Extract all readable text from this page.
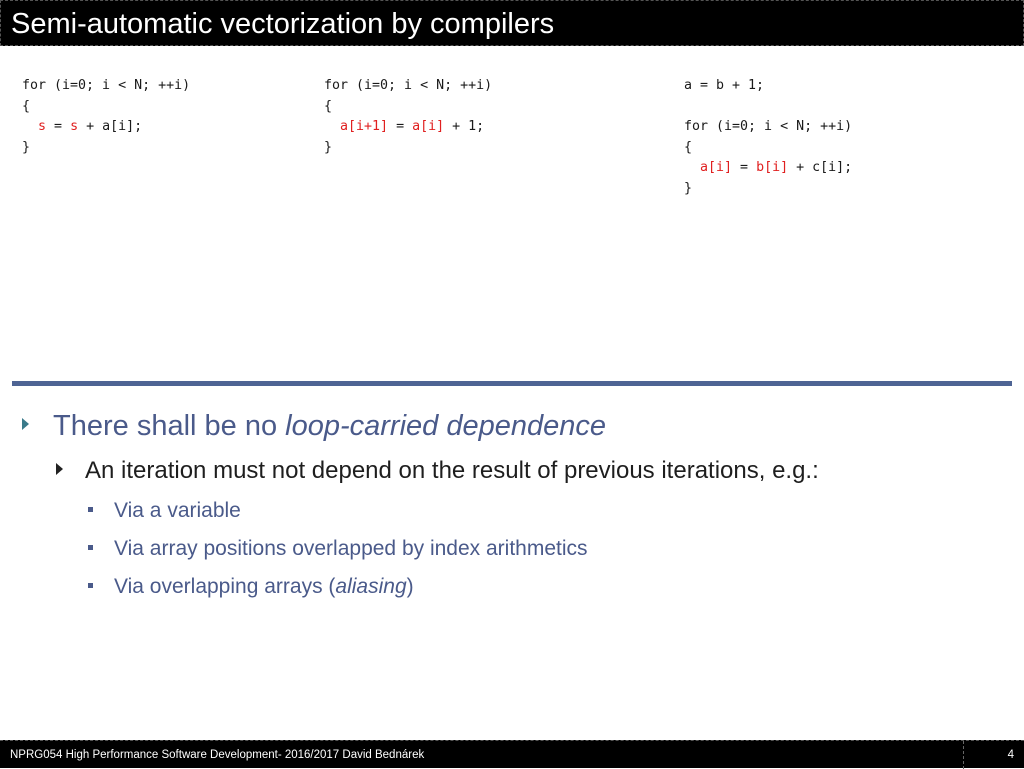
Semi-automatic vectorization by compilers
for (i=0; i < N; ++i)
{
s = s + a[i];
}
for (i=0; i < N; ++i)
{
a[i+1] = a[i] + 1;
}
a = b + 1;
for (i=0; i < N; ++i)
{
a[i] = b[i] + c[i];
}
There shall be no loop-carried dependence
An iteration must not depend on the result of previous iterations, e.g.:
Via a variable
Via array positions overlapped by index arithmetics
Via overlapping arrays (aliasing)
NPRG054 High Performance Software Development- 2016/2017 David Bednárek	4
